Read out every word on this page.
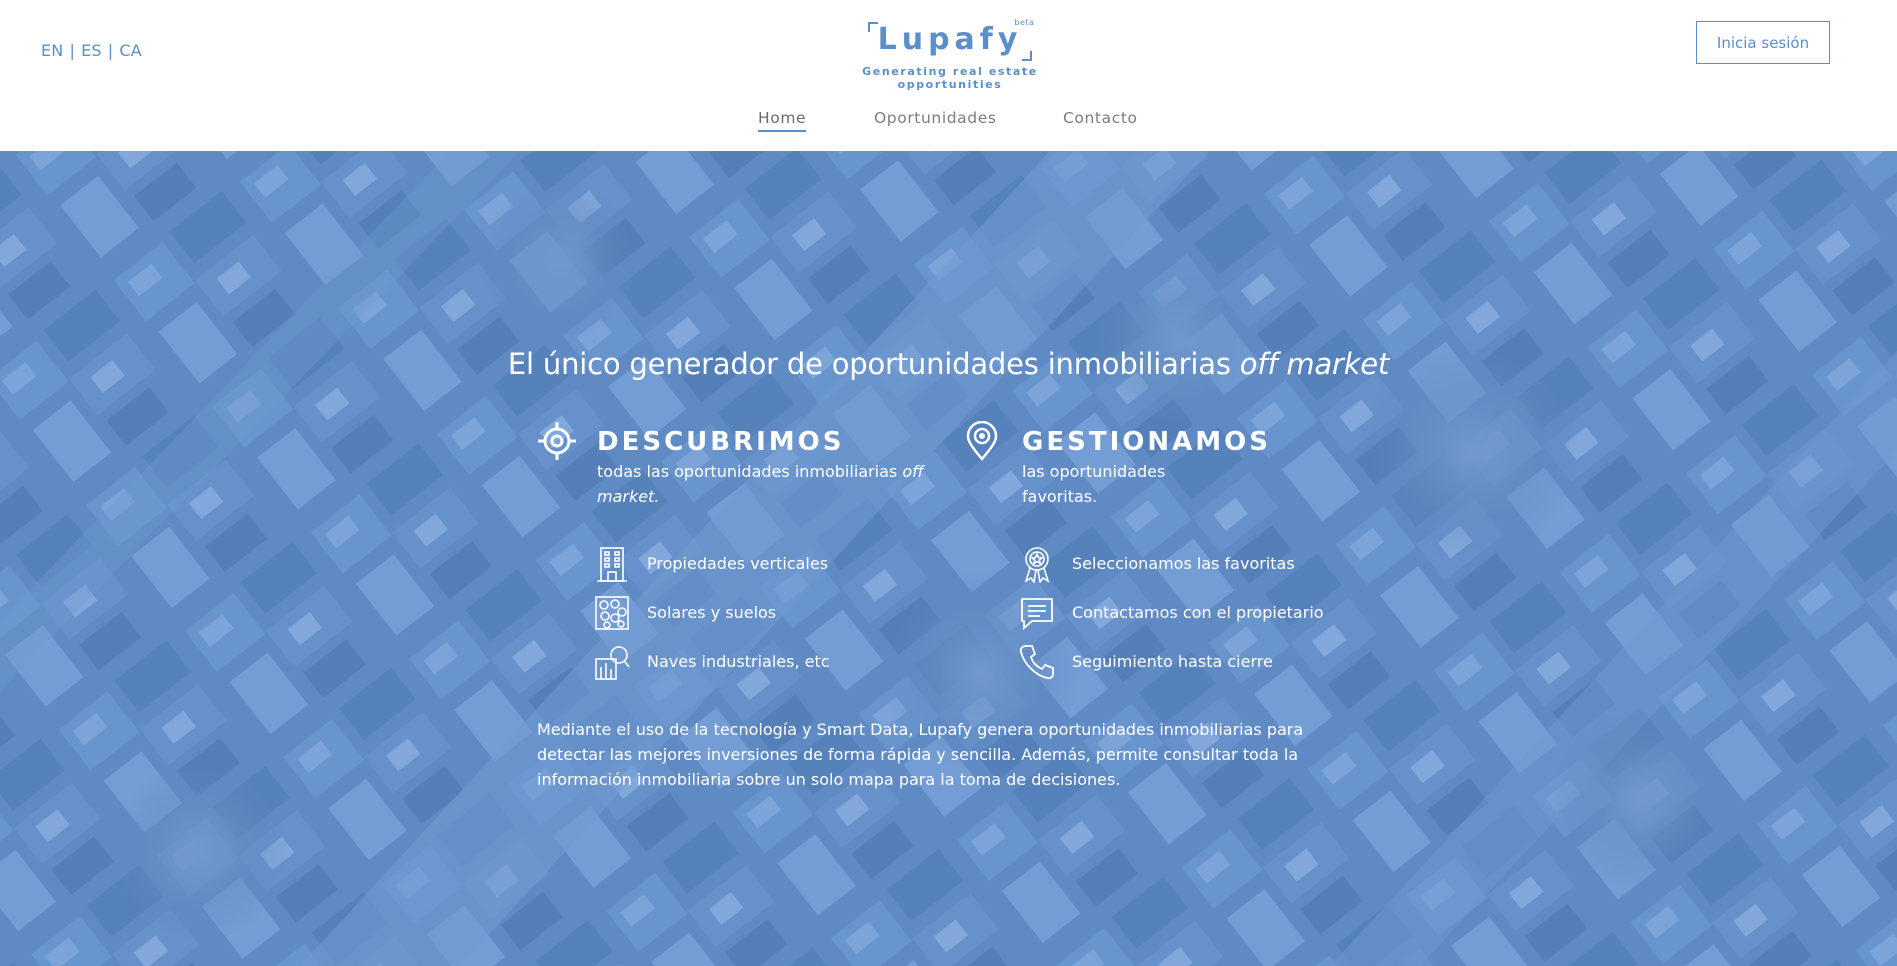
EN | ES | CA	Lupafy
beta
Generating real estate opportunities
Inicia sesión
Home	Oportunidades	Contacto
El único generador de oportunidades inmobiliarias off market
DESCUBRIMOS
todas las oportunidades inmobiliarias off market.
Propiedades verticales
Solares y suelos
Naves industriales, etc
GESTIONAMOS
las oportunidades
favoritas.
Seleccionamos las favoritas
Contactamos con el propietario
Seguimiento hasta cierre
Mediante el uso de la tecnología y Smart Data, Lupafy genera oportunidades inmobiliarias para detectar las mejores inversiones de forma rápida y sencilla. Además, permite consultar toda la información inmobiliaria sobre un solo mapa para la toma de decisiones.
